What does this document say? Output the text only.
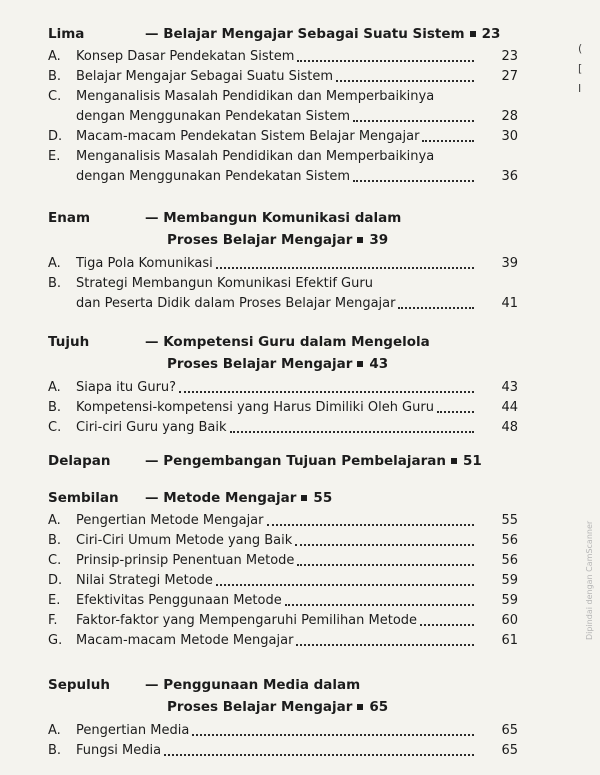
Lima	— Belajar Mengajar Sebagai Suatu Sistem 23
A. Konsep Dasar Pendekatan Sistem	23
B. Belajar Mengajar Sebagai Suatu Sistem	27
C. Menganalisis Masalah Pendidikan dan Memperbaikinya
dengan Menggunakan Pendekatan Sistem	28
D. Macam-macam Pendekatan Sistem Belajar Mengajar	30
E. Menganalisis Masalah Pendidikan dan Memperbaikinya
dengan Menggunakan Pendekatan Sistem	36
Enam	— Membangun Komunikasi dalam
Proses Belajar Mengajar 39
A. Tiga Pola Komunikasi	39
B. Strategi Membangun Komunikasi Efektif Guru
dan Peserta Didik dalam Proses Belajar Mengajar	41
Tujuh	— Kompetensi Guru dalam Mengelola
Proses Belajar Mengajar 43
A. Siapa itu Guru?	43
B. Kompetensi-kompetensi yang Harus Dimiliki Oleh Guru	44
C. Ciri-ciri Guru yang Baik	48
Delapan	— Pengembangan Tujuan Pembelajaran 51
Sembilan — Metode Mengajar 55
A. Pengertian Metode Mengajar	55
B. Ciri-Ciri Umum Metode yang Baik	56
C. Prinsip-prinsip Penentuan Metode	56
D. Nilai Strategi Metode	59
E. Efektivitas Penggunaan Metode	59
F. Faktor-faktor yang Mempengaruhi Pemilihan Metode	60
G. Macam-macam Metode Mengajar	61
Sepuluh	— Penggunaan Media dalam
Proses Belajar Mengajar 65
A. Pengertian Media	65
B. Fungsi Media	65
(
[
I
Dipindai dengan CamScanner
